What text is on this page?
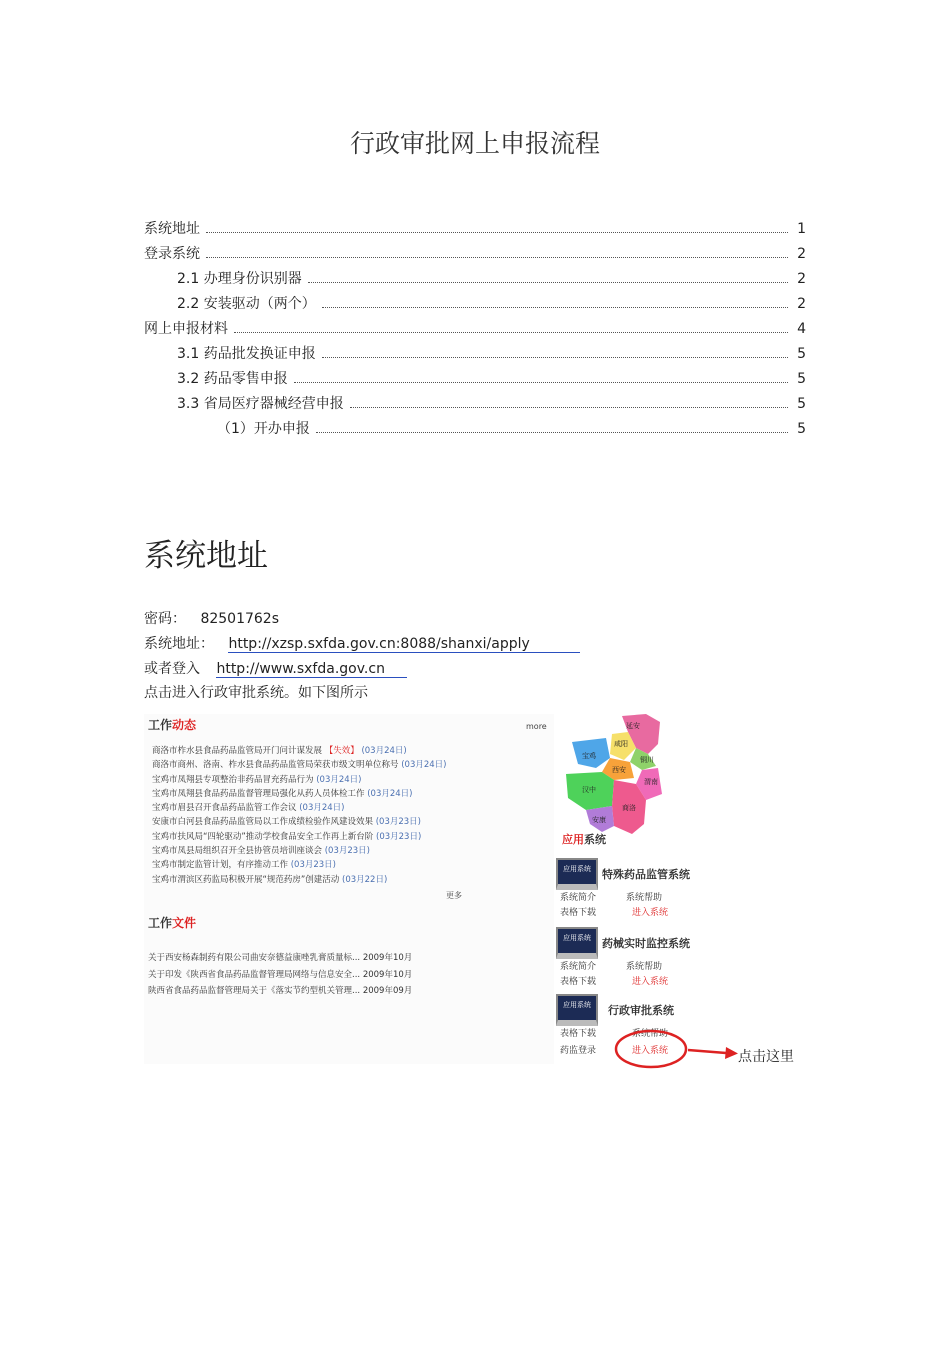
行政审批网上申报流程
系统地址	1
登录系统	2
2.1 办理身份识别器	2
2.2 安装驱动（两个）	2
网上申报材料	4
3.1 药品批发换证申报	5
3.2 药品零售申报	5
3.3 省局医疗器械经营申报	5
（1）开办申报	5
系统地址
密码： 82501762s
系统地址： http://xzsp.sxfda.gov.cn:8088/shanxi/apply
或者登入 http://www.sxfda.gov.cn
点击进入行政审批系统。如下图所示
工作动态	more
商洛市柞水县食品药品监管局开门问计谋发展 【失效】 (03月24日)
商洛市商州、洛南、柞水县食品药品监管局荣获市级文明单位称号 (03月24日)
宝鸡市凤翔县专项整治非药品冒充药品行为 (03月24日)
宝鸡市凤翔县食品药品监督管理局强化从药人员体检工作 (03月24日)
宝鸡市眉县召开食品药品监管工作会议 (03月24日)
安康市白河县食品药品监管局以工作成绩检验作风建设效果 (03月23日)
宝鸡市扶风局“四轮驱动”推动学校食品安全工作再上新台阶 (03月23日)
宝鸡市凤县局组织召开全县协管员培训座谈会 (03月23日)
宝鸡市制定监管计划，有序推动工作 (03月23日)
宝鸡市渭滨区药监局积极开展“规范药房”创建活动 (03月22日)
更多
工作文件
关于西安杨森制药有限公司曲安奈德益康唑乳膏质量标... 2009年10月
关于印发《陕西省食品药品监督管理局网络与信息安全... 2009年10月
陕西省食品药品监督管理局关于《落实节约型机关管理... 2009年09月
延安
咸阳
铜川
宝鸡
西安
渭南
汉中
商洛
安康
应用系统
应用系统 特殊药品监管系统
系统简介	系统帮助
表格下载	进入系统
应用系统 药械实时监控系统
系统简介	系统帮助
表格下载	进入系统
应用系统 行政审批系统
表格下载	系统帮助
药监登录	进入系统	点击这里
